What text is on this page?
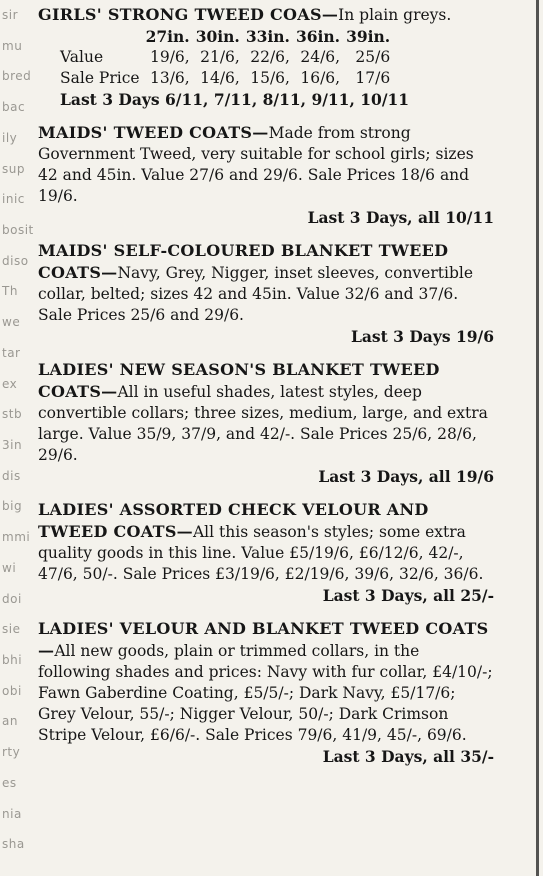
sir
mu
bred
bac
ily
sup
inic
bosit
diso
Th
we
tar
ex
stb
3in
dis
big
mmi
wi
doi
sie
bhi
obi
an
rty
es
nia
sha
GIRLS' STRONG TWEED COAS—In plain greys.
	27in.	30in.	33in.	36in.	39in.
Value	19/6,	21/6,	22/6,	24/6,	25/6
Sale Price	13/6,	14/6,	15/6,	16/6,	17/6
Last 3 Days 6/11, 7/11, 8/11, 9/11, 10/11
MAIDS' TWEED COATS—Made from strong Government Tweed, very suitable for school girls; sizes 42 and 45in. Value 27/6 and 29/6. Sale Prices 18/6 and 19/6.
Last 3 Days, all 10/11
MAIDS' SELF-COLOURED BLANKET TWEED COATS—Navy, Grey, Nigger, inset sleeves, convertible collar, belted; sizes 42 and 45in. Value 32/6 and 37/6. Sale Prices 25/6 and 29/6.
Last 3 Days 19/6
LADIES' NEW SEASON'S BLANKET TWEED COATS—All in useful shades, latest styles, deep convertible collars; three sizes, medium, large, and extra large. Value 35/9, 37/9, and 42/-. Sale Prices 25/6, 28/6, 29/6.
Last 3 Days, all 19/6
LADIES' ASSORTED CHECK VELOUR AND TWEED COATS—All this season's styles; some extra quality goods in this line. Value £5/19/6, £6/12/6, 42/-, 47/6, 50/-. Sale Prices £3/19/6, £2/19/6, 39/6, 32/6, 36/6.
Last 3 Days, all 25/-
LADIES' VELOUR AND BLANKET TWEED COATS—All new goods, plain or trimmed collars, in the following shades and prices: Navy with fur collar, £4/10/-; Fawn Gaberdine Coating, £5/5/-; Dark Navy, £5/17/6; Grey Velour, 55/-; Nigger Velour, 50/-; Dark Crimson Stripe Velour, £6/6/-. Sale Prices 79/6, 41/9, 45/-, 69/6.
Last 3 Days, all 35/-
